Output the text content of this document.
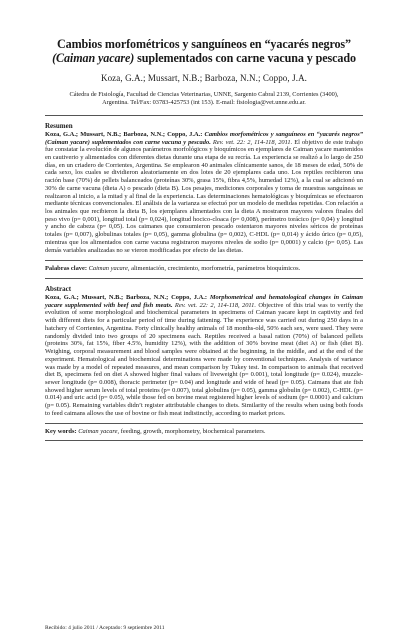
Cambios morfométricos y sanguíneos en “yacarés negros”
(Caiman yacare) suplementados con carne vacuna y pescado
Koza, G.A.; Mussart, N.B.; Barboza, N.N.; Coppo, J.A.
Cátedra de Fisiología, Facultad de Ciencias Veterinarias, UNNE, Sargento Cabral 2139, Corrientes (3400),
Argentina. Tel/Fax: 03783-425753 (int 153). E-mail: fisiologia@vet.unne.edu.ar.
Resumen
Koza, G.A.; Mussart, N.B.; Barboza, N.N.; Coppo, J.A.: Cambios morfométricos y sanguíneos en “yacarés negros” (Caiman yacare) suplementados con carne vacuna y pescado. Rev. vet. 22: 2, 114-118, 2011. El objetivo de este trabajo fue constatar la evolución de algunos parámetros morfológicos y bioquímicos en ejemplares de Caiman yacare mantenidos en cautiverio y alimentados con diferentes dietas durante una etapa de su recría. La experiencia se realizó a lo largo de 250 días, en un criadero de Corrientes, Argentina. Se emplearon 40 animales clínicamente sanos, de 18 meses de edad, 50% de cada sexo, los cuales se dividieron aleatoriamente en dos lotes de 20 ejemplares cada uno. Los reptiles recibieron una ración base (70%) de pellets balanceados (proteínas 30%, grasa 15%, fibra 4,5%, humedad 12%), a la cual se adicionó un 30% de carne vacuna (dieta A) o pescado (dieta B). Los pesajes, mediciones corporales y toma de muestras sanguíneas se realizaron al inicio, a la mitad y al final de la experiencia. Las determinaciones hematológicas y bioquímicas se efectuaron mediante técnicas convencionales. El análisis de la varianza se efectuó por un modelo de medidas repetidas. Con relación a los animales que recibieron la dieta B, los ejemplares alimentados con la dieta A mostraron mayores valores finales del peso vivo (p= 0,001), longitud total (p= 0,024), longitud hocico-cloaca (p= 0,008), perímetro torácico (p= 0,04) y longitud y ancho de cabeza (p= 0,05). Los caimanes que consumieron pescado ostentaron mayores niveles séricos de proteínas totales (p= 0,007), globulinas totales (p= 0,05), gamma globulina (p= 0,002), C-HDL (p= 0,014) y ácido úrico (p= 0,05), mientras que los alimentados con carne vacuna registraron mayores niveles de sodio (p= 0,0001) y calcio (p= 0,05). Las demás variables analizadas no se vieron modificadas por efecto de las dietas.
Palabras clave: Caiman yacare, alimentación, crecimiento, morfometría, parámetros bioquímicos.
Abstract
Koza, G.A.; Mussart, N.B.; Barboza, N.N.; Coppo, J.A.: Morphometrical and hematological changes in Caiman yacare supplemented with beef and fish meats. Rev. vet. 22: 2, 114-118, 2011. Objective of this trial was to verify the evolution of some morphological and biochemical parameters in specimens of Caiman yacare kept in captivity and fed with different diets for a particular period of time during fattening. The experience was carried out during 250 days in a hatchery of Corrientes, Argentina. Forty clinically healthy animals of 18 months-old, 50% each sex, were used. They were randomly divided into two groups of 20 specimens each. Reptiles received a basal ration (70%) of balanced pellets (proteins 30%, fat 15%, fiber 4.5%, humidity 12%), with the addition of 30% bovine meat (diet A) or fish (diet B). Weighing, corporal measurement and blood samples were obtained at the beginning, in the middle, and at the end of the experiment. Hematological and biochemical determinations were made by conventional techniques. Analysis of variance was made by a model of repeated measures, and mean comparison by Tukey test. In comparison to animals that received diet B, specimens fed on diet A showed higher final values of liveweight (p= 0.001), total longitude (p= 0.024), muzzle-sewer longitude (p= 0.008), thoracic perimeter (p= 0.04) and longitude and wide of head (p= 0.05). Caimans that ate fish showed higher serum levels of total proteins (p= 0.007), total globulins (p= 0.05), gamma globulin (p= 0.002), C-HDL (p= 0.014) and uric acid (p= 0.05), while those fed on bovine meat registered higher levels of sodium (p= 0.0001) and calcium (p= 0.05). Remaining variables didn’t register attributable changes to diets. Similarity of the results when using both foods to feed caimans allows the use of bovine or fish meat indistinctly, according to market prices.
Key words: Caiman yacare, feeding, growth, morphometry, biochemical parameters.
Recibido: 4 julio 2011 / Aceptado: 9 septiembre 2011
